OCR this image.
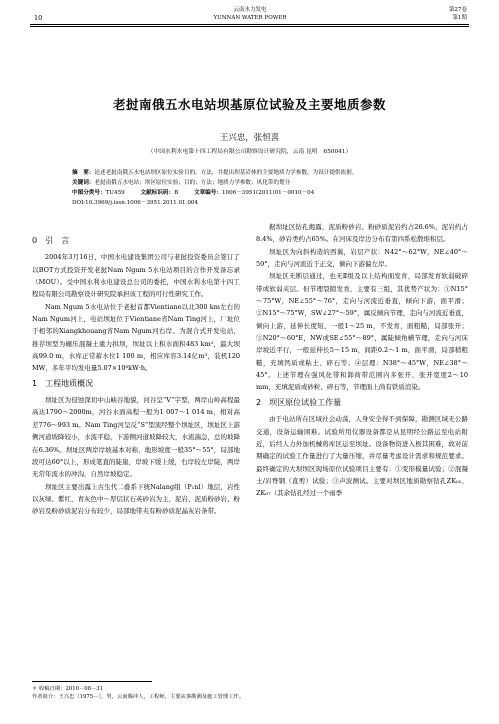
10
云南水力发电
YUNNAN WATER POWER
第27卷
第1期
老挝南俄五水电站坝基原位试验及主要地质参数
王兴忠，张恒喜
（中国水利水电第十四工程局有限公司勘察设计研究院，云南 昆明　650041）
摘　要：论述老挝南俄五水电站坝区原位实验目的、方法，并提出坝基岩体的主要地质力学参数，为设计提供依据。
关键词：老挝南俄五水电站；坝区原位实验；目的；方法；地质力学参数；风化带的划分
中图分类号：TU459	文献标识码：B	文章编号：1006－3951(2011)01－0010－04
DOI:10.3969/j.issn.1006－3951.2011.01.004
0　引　言

2004年3月16日，中国水电建设集团公司与老挝投资委员会签订了以BOT方式投资开发老挝Nam Ngum 5水电站项目的合作开发备忘录（MOU）。受中国水利水电建设总公司的委托，中国水利水电第十四工程局有限公司勘察设计研究院承担该工程的可行性研究工作。

Nam Ngum 5水电站位于老挝首都Vientiane以北300 km左右的Nam Ngum河上，电站坝址位于Vientiane省Nam Ting河上，厂址位于相邻的Xiangkhouang省Nam Ngum河右岸。为混合式开发电站，推荐坝型为碾压混凝土重力拱坝，坝址以上积水面积483 km²，最大坝高99.0 m，水库正常蓄水位1 100 m，相应库容3.14亿m³，装机120 MW，多年平均发电量5.07×10⁸kW·h。

1　工程地质概况

坝址区为侵蚀深切中山峡谷地貌，河谷呈“V”字型，两岸山岭高程最高达1790～2000m，河谷水面高程一般为1 007～1 014 m，相对高差776～993 m。Nam Ting河呈反“S”型流经整个坝址区，坝址区上游侧河道坡降较小，水流平稳，下游侧河道坡降较大，水流湍急，总的坡降在6.36%。坝址区两岸岸坡基本对称，地形坡度一般35°～55°，局部地段可达60°以上，形成笔直的陡崖，岸坡下缓上缓，右岸较左岸陡，两岸无常年流水的冲沟，自然岸坡稳定。

坝址区主要出露上古生代二叠系下统Nalang组（P₁nl）地层，岩性以灰绿、紫红、青灰色中～厚层状石英砂岩为主，泥岩、泥质粉砂岩、粉砂岩及粉砂质泥岩分布较少，局部地带夹有粉砂质泥晶灰岩条带。

据坝址区钻孔揭露，泥质粉砂岩、粉砂质泥岩约占26.6%，泥岩约占8.4%，砂岩类约占65%。在河床及岸边分布有第四系松散堆积层。

坝址区为向斜构造的西翼，岩层产状：N42°～62°W，NE∠40°～59°，走向与河流近于正交，倾向下游偏左岸。

坝址区无断层通过，也无Ⅱ级及以上结构面发育，局部发育软弱破碎带或软弱夹层。但节理裂隙发育，主要有三组，其优势产状为：①N15°～75°W，NE∠55°～76°，走向与河流近垂直，倾向下游，面平滑；②N15°～75°W，SW∠27°～59°，属反倾向节理，走向与河流近垂直，倾向上游，延伸长度短，一般1～25 m，不发育，面粗糙，局部张开；③N20°～60°E，NW或SE∠55°～89°，属陡倾角横节理，走向与河床岸坡近平行，一般延伸长5～15 m，间距0.2～1 m，面平滑，局部稍粗糙，充填钙质或粘土、碎石等；④层理：N38°～45°W，NE∠38°～45°。上述节理在强风化带和卸荷带范围内多张开，张开宽度2～10 mm，充填泥质或砂粒、碎石等，节理面上尚有铁质渲染。

2　坝区原位试验工作量

由于电站所在区域社会动荡，人身安全得不到保障，勘测区域无公路交通，设备运输困难。试验所用仪器设备都是从昆明经公路运至电站附近，后经人力外加机械将库区运至坝址。设备物资进入极其困难，故对前期确定的试验工作量进行了大量压缩，并尽量考虑设计需求和规范要求。最终确定的大坝坝区现场原位试验项目主要有：①变形模量试验；②混凝土/岩脊钢（直剪）试验；③声波测试。主要对坝区地质勘察钻孔ZK₀₂、ZK₀₇（其余钻孔经过一个雨季

＊ 收稿日期：2010－08－31
作者简介：王兴忠（1975－），男，云南腾冲人，工程师，主要从事勘测及施工管理工作。
